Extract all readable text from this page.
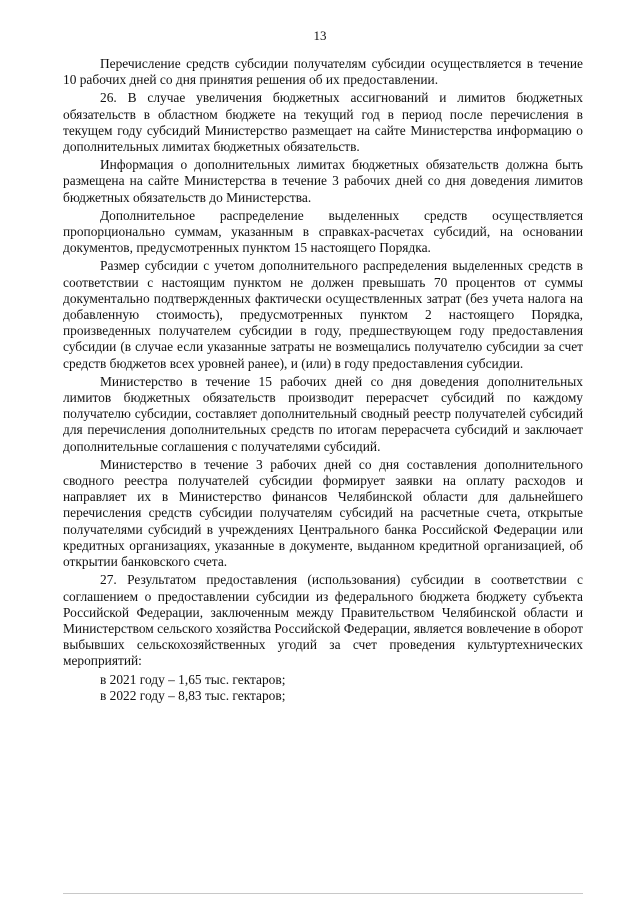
13

Перечисление средств субсидии получателям субсидии осуществляется в течение 10 рабочих дней со дня принятия решения об их предоставлении.

26. В случае увеличения бюджетных ассигнований и лимитов бюджетных обязательств в областном бюджете на текущий год в период после перечисления в текущем году субсидий Министерство размещает на сайте Министерства информацию о дополнительных лимитах бюджетных обязательств.

Информация о дополнительных лимитах бюджетных обязательств должна быть размещена на сайте Министерства в течение 3 рабочих дней со дня доведения лимитов бюджетных обязательств до Министерства.

Дополнительное распределение выделенных средств осуществляется пропорционально суммам, указанным в справках-расчетах субсидий, на основании документов, предусмотренных пунктом 15 настоящего Порядка.

Размер субсидии с учетом дополнительного распределения выделенных средств в соответствии с настоящим пунктом не должен превышать 70 процентов от суммы документально подтвержденных фактически осуществленных затрат (без учета налога на добавленную стоимость), предусмотренных пунктом 2 настоящего Порядка, произведенных получателем субсидии в году, предшествующем году предоставления субсидии (в случае если указанные затраты не возмещались получателю субсидии за счет средств бюджетов всех уровней ранее), и (или) в году предоставления субсидии.

Министерство в течение 15 рабочих дней со дня доведения дополнительных лимитов бюджетных обязательств производит перерасчет субсидий по каждому получателю субсидии, составляет дополнительный сводный реестр получателей субсидий для перечисления дополнительных средств по итогам перерасчета субсидий и заключает дополнительные соглашения с получателями субсидий.

Министерство в течение 3 рабочих дней со дня составления дополнительного сводного реестра получателей субсидии формирует заявки на оплату расходов и направляет их в Министерство финансов Челябинской области для дальнейшего перечисления средств субсидии получателям субсидий на расчетные счета, открытые получателями субсидий в учреждениях Центрального банка Российской Федерации или кредитных организациях, указанные в документе, выданном кредитной организацией, об открытии банковского счета.

27. Результатом предоставления (использования) субсидии в соответствии с соглашением о предоставлении субсидии из федерального бюджета бюджету субъекта Российской Федерации, заключенным между Правительством Челябинской области и Министерством сельского хозяйства Российской Федерации, является вовлечение в оборот выбывших сельскохозяйственных угодий за счет проведения культуртехнических мероприятий:

в 2021 году – 1,65 тыс. гектаров;

в 2022 году – 8,83 тыс. гектаров;
